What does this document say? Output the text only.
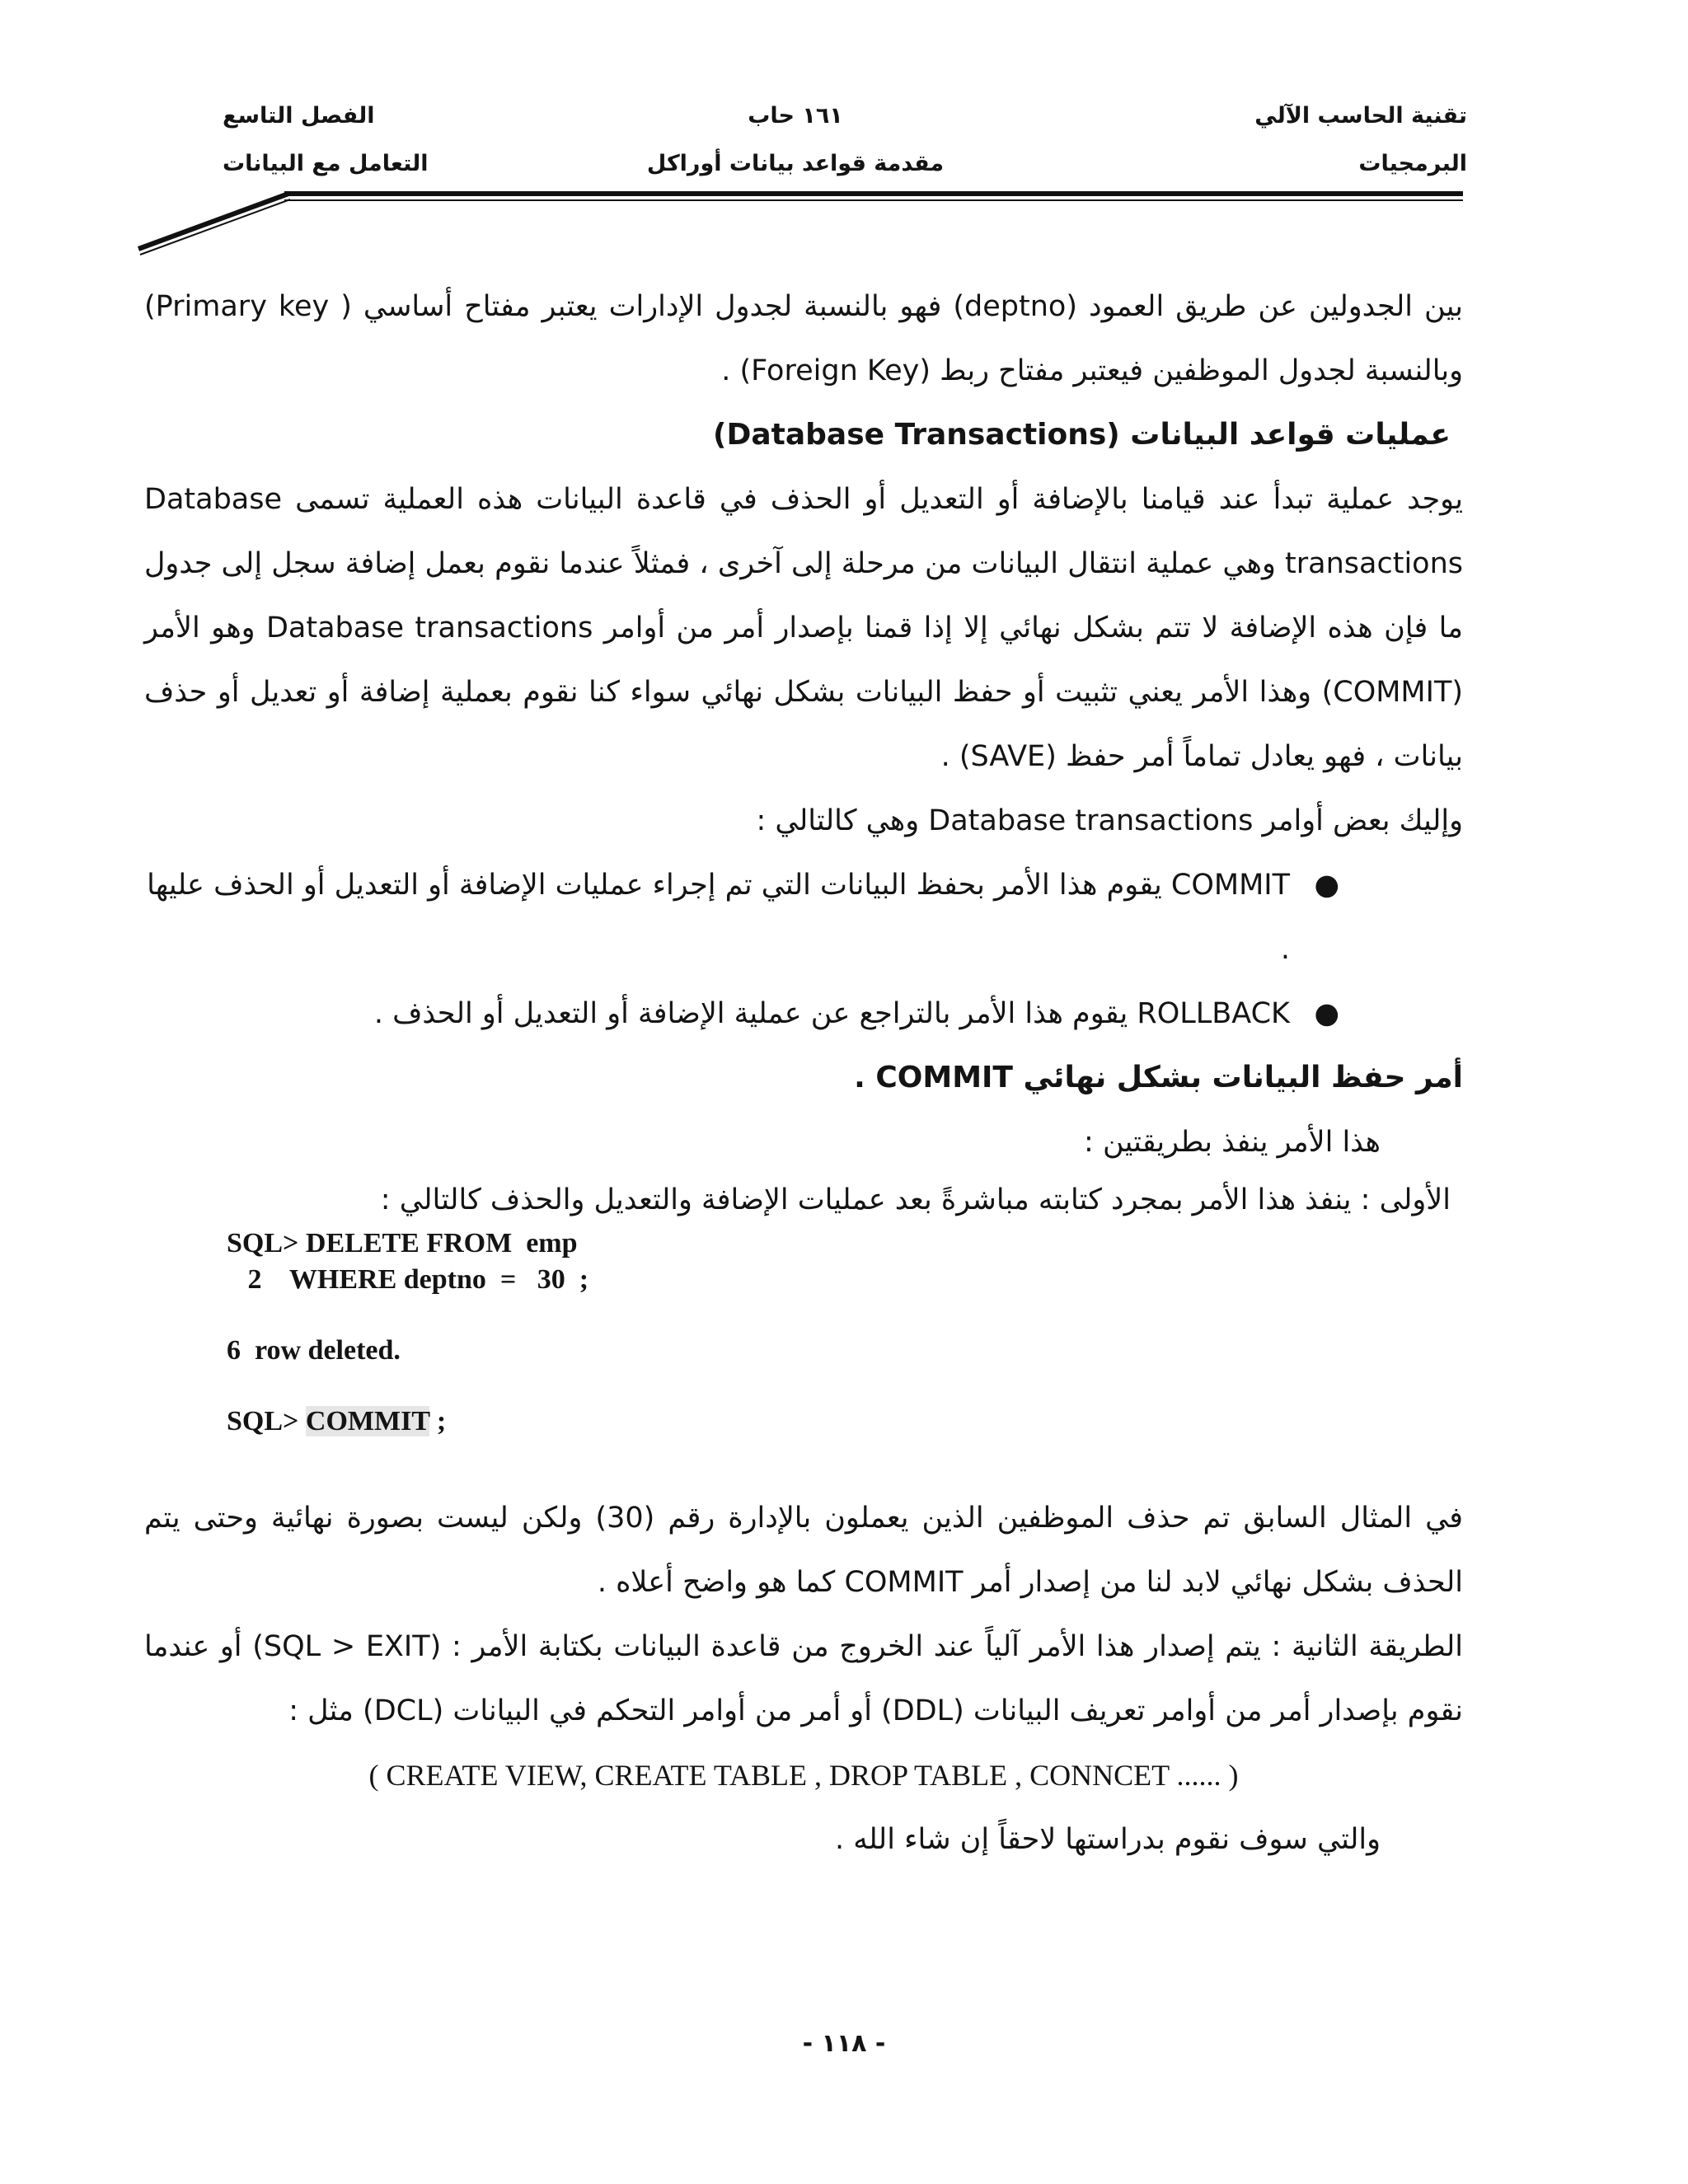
تقنية الحاسب الآلي
١٦١ حاب
الفصل التاسع
البرمجيات
مقدمة قواعد بيانات أوراكل
التعامل مع البيانات
بين الجدولين عن طريق العمود (deptno) فهو بالنسبة لجدول الإدارات يعتبر مفتاح أساسي ( Primary key) وبالنسبة لجدول الموظفين فيعتبر مفتاح ربط (Foreign Key) .
عمليات قواعد البيانات (Database Transactions)
يوجد عملية تبدأ عند قيامنا بالإضافة أو التعديل أو الحذف في قاعدة البيانات هذه العملية تسمى Database transactions وهي عملية انتقال البيانات من مرحلة إلى آخرى ، فمثلاً عندما نقوم بعمل إضافة سجل إلى جدول ما فإن هذه الإضافة لا تتم بشكل نهائي إلا إذا قمنا بإصدار أمر من أوامر Database transactions وهو الأمر (COMMIT) وهذا الأمر يعني تثبيت أو حفظ البيانات بشكل نهائي سواء كنا نقوم بعملية إضافة أو تعديل أو حذف بيانات ، فهو يعادل تماماً أمر حفظ (SAVE) .
وإليك بعض أوامر Database transactions وهي كالتالي :
●
COMMIT يقوم هذا الأمر بحفظ البيانات التي تم إجراء عمليات الإضافة أو التعديل أو الحذف عليها .
●
ROLLBACK يقوم هذا الأمر بالتراجع عن عملية الإضافة أو التعديل أو الحذف .
أمر حفظ البيانات بشكل نهائي COMMIT .
هذا الأمر ينفذ بطريقتين :
الأولى : ينفذ هذا الأمر بمجرد كتابته مباشرةً بعد عمليات الإضافة والتعديل والحذف كالتالي :
SQL> DELETE FROM  emp
2    WHERE deptno  =   30  ;
6  row deleted.
SQL> COMMIT ;
في المثال السابق تم حذف الموظفين الذين يعملون بالإدارة رقم (30) ولكن ليست بصورة نهائية وحتى يتم الحذف بشكل نهائي لابد لنا من إصدار أمر COMMIT كما هو واضح أعلاه .
الطريقة الثانية : يتم إصدار هذا الأمر آلياً عند الخروج من قاعدة البيانات بكتابة الأمر : (SQL > EXIT) أو عندما نقوم بإصدار أمر من أوامر تعريف البيانات (DDL) أو أمر من أوامر التحكم في البيانات (DCL) مثل :
( CREATE VIEW, CREATE TABLE , DROP TABLE , CONNCET ...... )
والتي سوف نقوم بدراستها لاحقاً إن شاء الله .
- ١١٨ -
